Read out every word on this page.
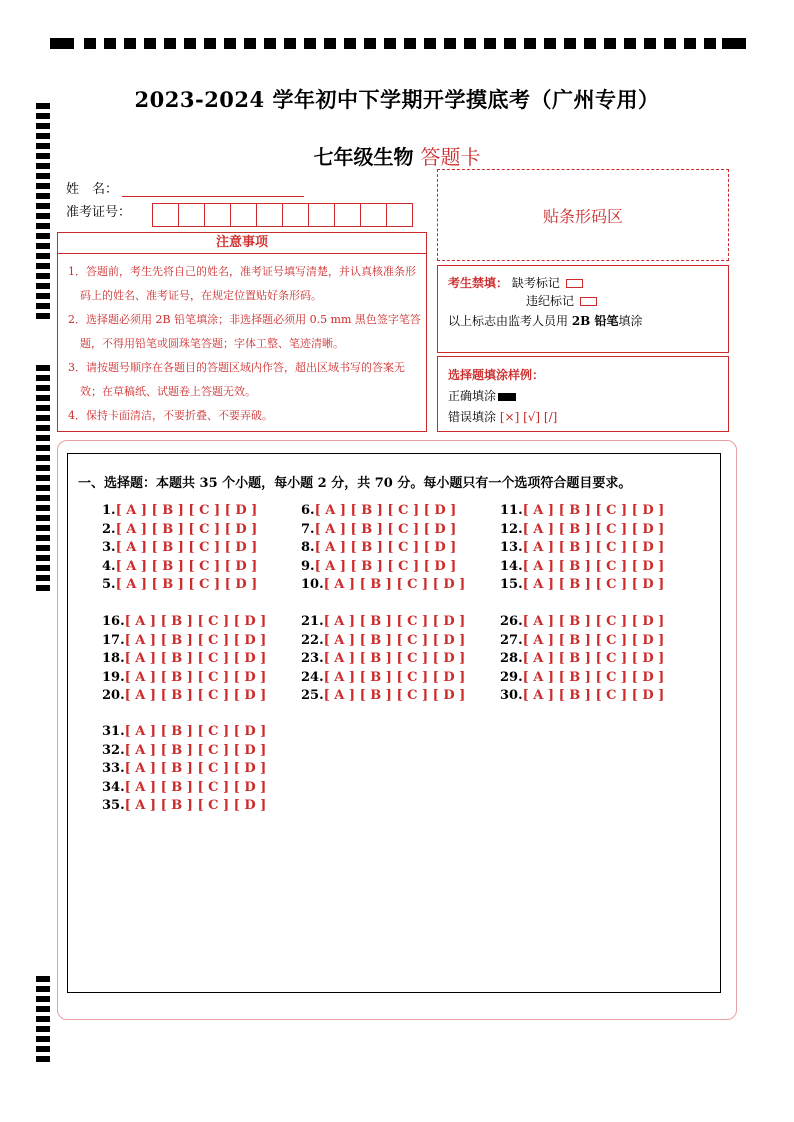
2023-2024 学年初中下学期开学摸底考（广州专用）
七年级生物 答题卡
姓　名：
准考证号：	贴条形码区
注意事项
1．答题前，考生先将自己的姓名，准考证号填写清楚，并认真核准条形码上的姓名、准考证号，在规定位置贴好条形码。
2．选择题必须用 2B 铅笔填涂；非选择题必须用 0.5 mm 黑色签字笔答题，不得用铅笔或圆珠笔答题；字体工整、笔迹清晰。
3．请按题号顺序在各题目的答题区域内作答，超出区域书写的答案无效；在草稿纸、试题卷上答题无效。
4．保持卡面清洁，不要折叠、不要弄破。
考生禁填： 缺考标记
违纪标记
以上标志由监考人员用 2B 铅笔填涂
选择题填涂样例：
正确填涂
错误填涂 [×] [√] [/]
一、选择题：本题共 35 个小题，每小题 2 分，共 70 分。每小题只有一个选项符合题目要求。
1.[ A ] [ B ] [ C ] [ D ]
2.[ A ] [ B ] [ C ] [ D ]
3.[ A ] [ B ] [ C ] [ D ]
4.[ A ] [ B ] [ C ] [ D ]
5.[ A ] [ B ] [ C ] [ D ]
6.[ A ] [ B ] [ C ] [ D ]
7.[ A ] [ B ] [ C ] [ D ]
8.[ A ] [ B ] [ C ] [ D ]
9.[ A ] [ B ] [ C ] [ D ]
10.[ A ] [ B ] [ C ] [ D ]
11.[ A ] [ B ] [ C ] [ D ]
12.[ A ] [ B ] [ C ] [ D ]
13.[ A ] [ B ] [ C ] [ D ]
14.[ A ] [ B ] [ C ] [ D ]
15.[ A ] [ B ] [ C ] [ D ]
16.[ A ] [ B ] [ C ] [ D ]
17.[ A ] [ B ] [ C ] [ D ]
18.[ A ] [ B ] [ C ] [ D ]
19.[ A ] [ B ] [ C ] [ D ]
20.[ A ] [ B ] [ C ] [ D ]
21.[ A ] [ B ] [ C ] [ D ]
22.[ A ] [ B ] [ C ] [ D ]
23.[ A ] [ B ] [ C ] [ D ]
24.[ A ] [ B ] [ C ] [ D ]
25.[ A ] [ B ] [ C ] [ D ]
26.[ A ] [ B ] [ C ] [ D ]
27.[ A ] [ B ] [ C ] [ D ]
28.[ A ] [ B ] [ C ] [ D ]
29.[ A ] [ B ] [ C ] [ D ]
30.[ A ] [ B ] [ C ] [ D ]
31.[ A ] [ B ] [ C ] [ D ]
32.[ A ] [ B ] [ C ] [ D ]
33.[ A ] [ B ] [ C ] [ D ]
34.[ A ] [ B ] [ C ] [ D ]
35.[ A ] [ B ] [ C ] [ D ]
